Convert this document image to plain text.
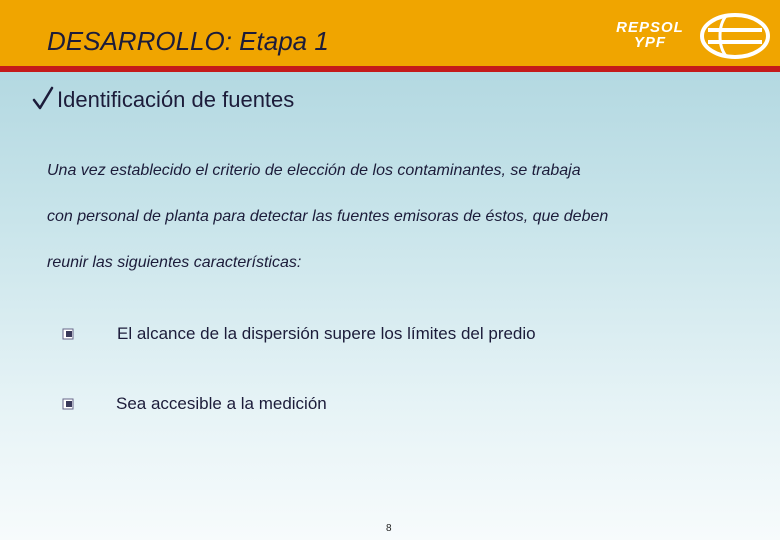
DESARROLLO: Etapa 1	REPSOL
YPF
Identificación de fuentes

Una vez establecido el criterio de elección de los contaminantes, se trabaja

con personal de planta para detectar las fuentes emisoras de éstos, que deben

reunir las siguientes características:

El alcance de la dispersión supere los límites del predio
Sea accesible a la medición
8
